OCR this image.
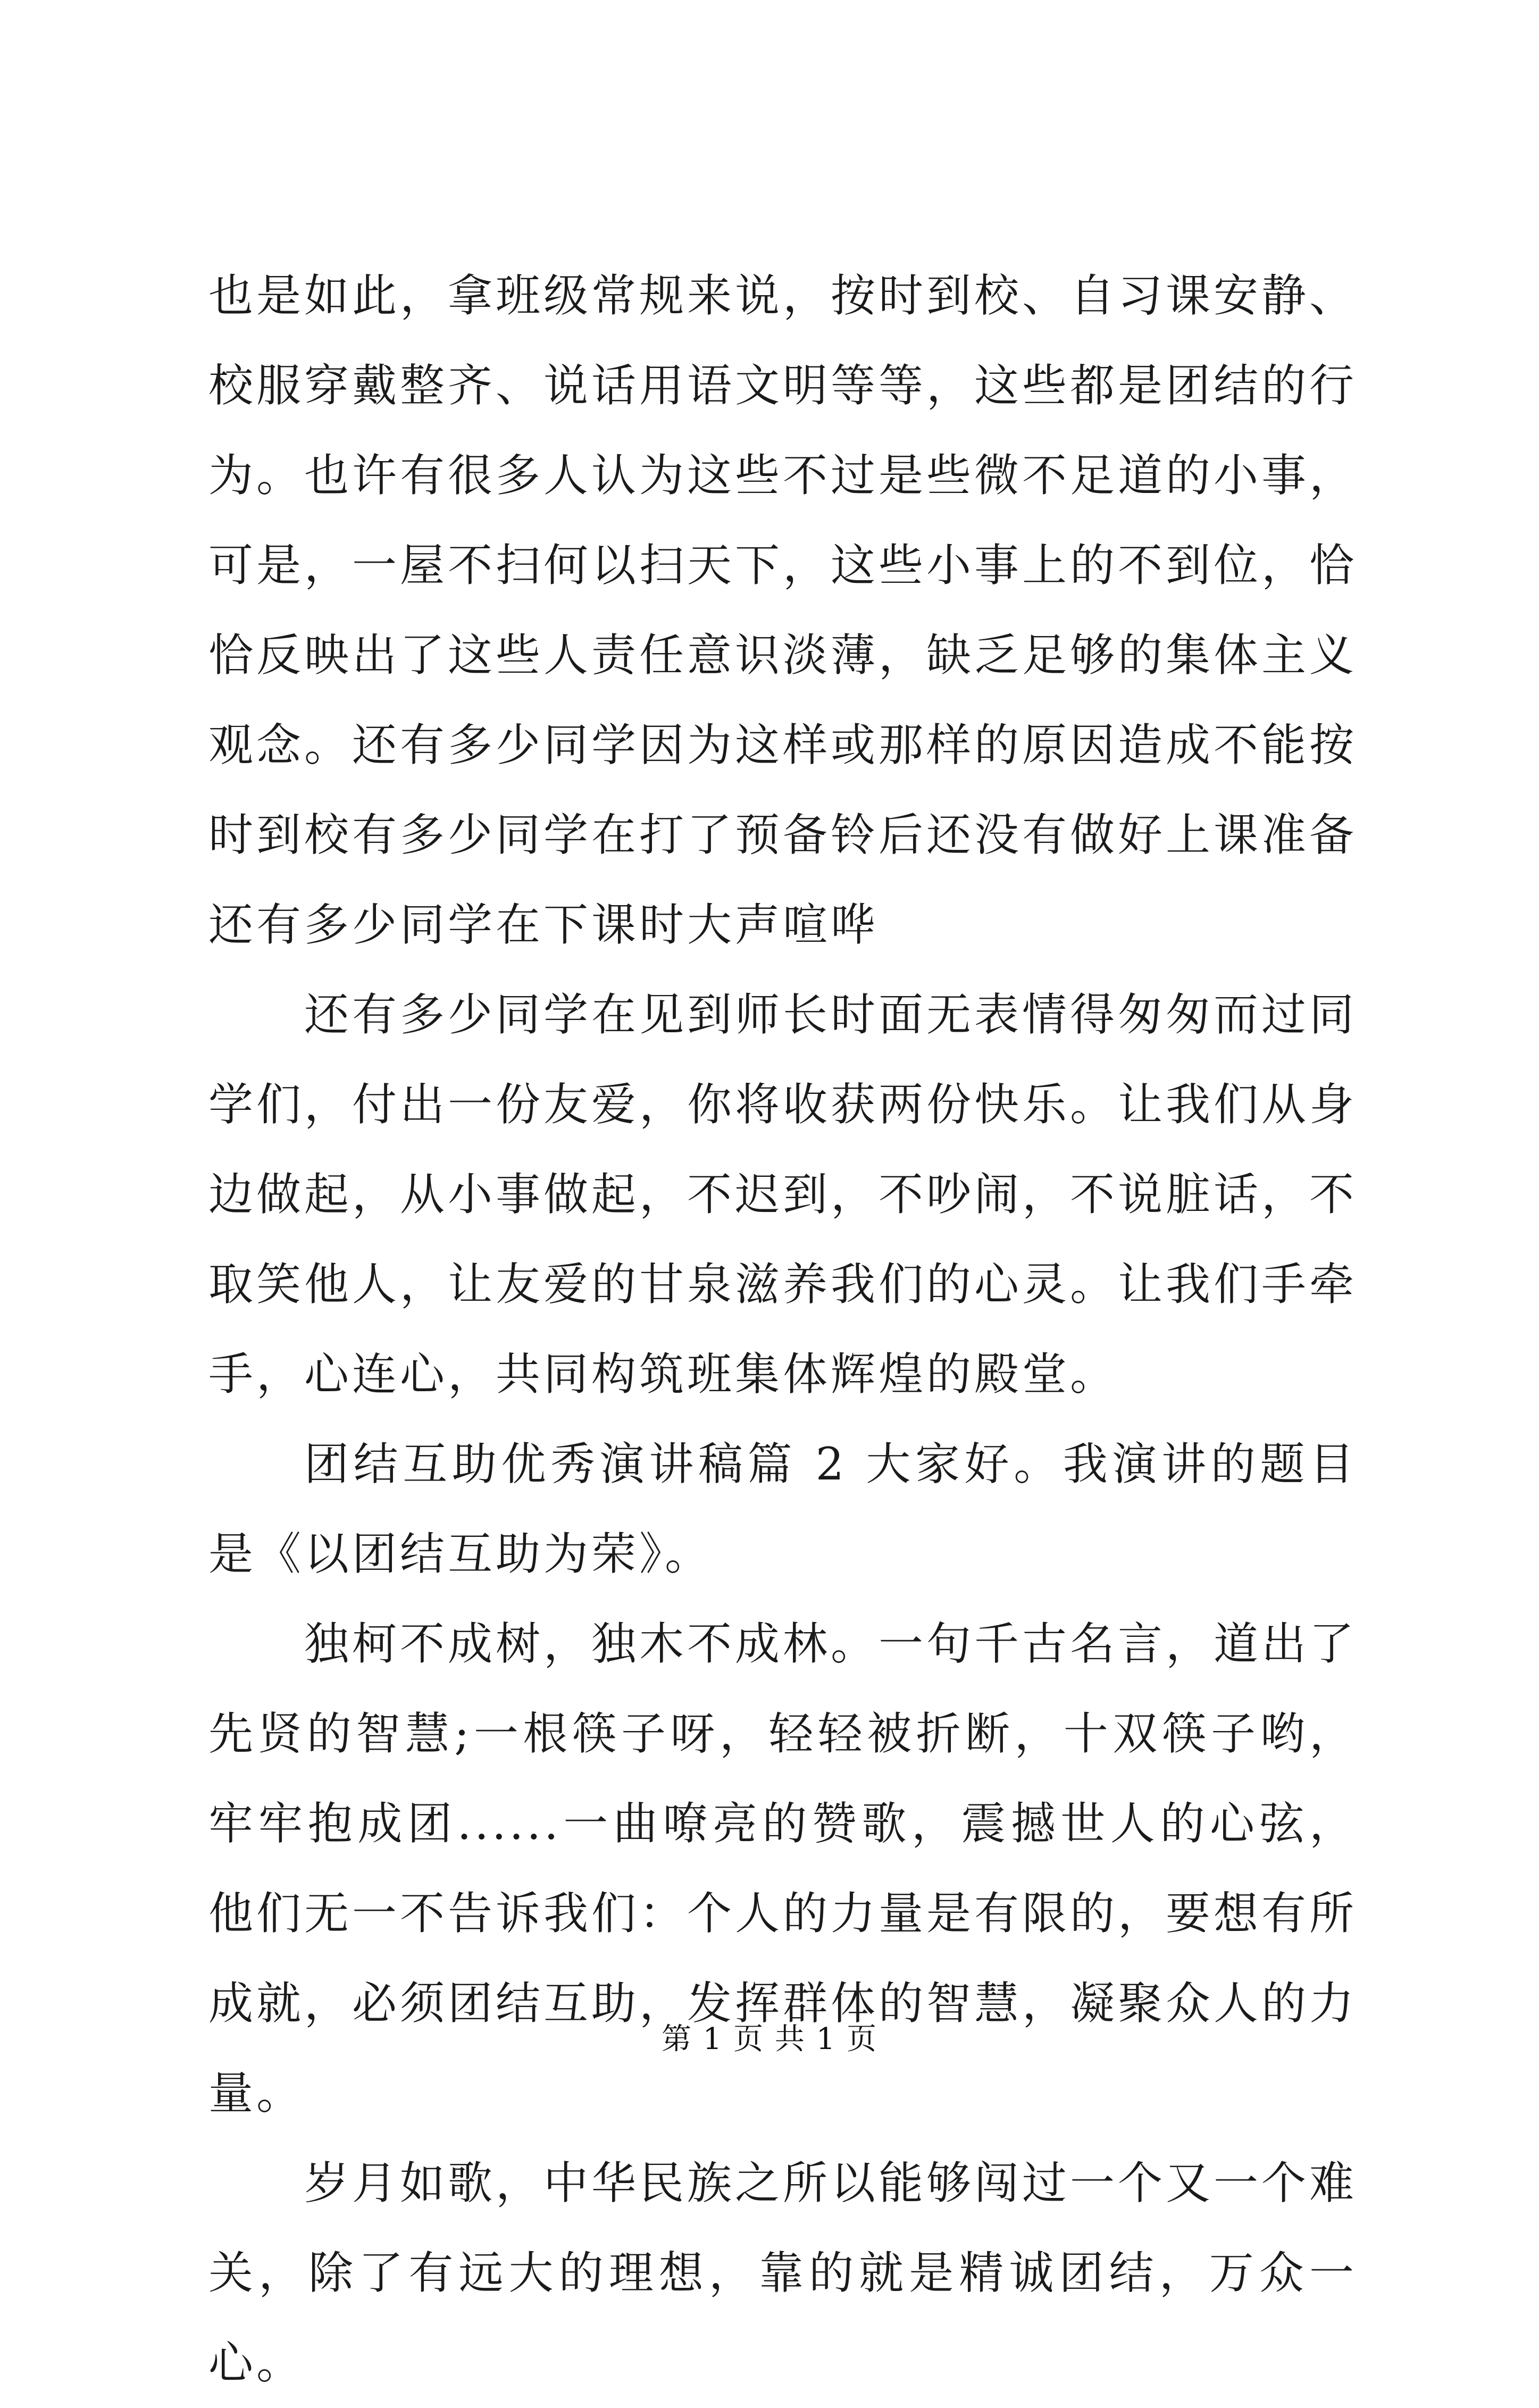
也是如此，拿班级常规来说，按时到校、自习课安静、校服穿戴整齐、说话用语文明等等，这些都是团结的行为。也许有很多人认为这些不过是些微不足道的小事，可是，一屋不扫何以扫天下，这些小事上的不到位，恰恰反映出了这些人责任意识淡薄，缺乏足够的集体主义观念。还有多少同学因为这样或那样的原因造成不能按时到校有多少同学在打了预备铃后还没有做好上课准备还有多少同学在下课时大声喧哗

还有多少同学在见到师长时面无表情得匆匆而过同学们，付出一份友爱，你将收获两份快乐。让我们从身边做起，从小事做起，不迟到，不吵闹，不说脏话，不取笑他人，让友爱的甘泉滋养我们的心灵。让我们手牵手，心连心，共同构筑班集体辉煌的殿堂。

团结互助优秀演讲稿篇 2 大家好。我演讲的题目是《以团结互助为荣》。

独柯不成树，独木不成林。一句千古名言，道出了先贤的智慧;一根筷子呀，轻轻被折断，十双筷子哟，牢牢抱成团......一曲嘹亮的赞歌，震撼世人的心弦，他们无一不告诉我们：个人的力量是有限的，要想有所成就，必须团结互助，发挥群体的智慧，凝聚众人的力量。

岁月如歌，中华民族之所以能够闯过一个又一个难关，除了有远大的理想，靠的就是精诚团结，万众一心。

第 1 页 共 1 页
